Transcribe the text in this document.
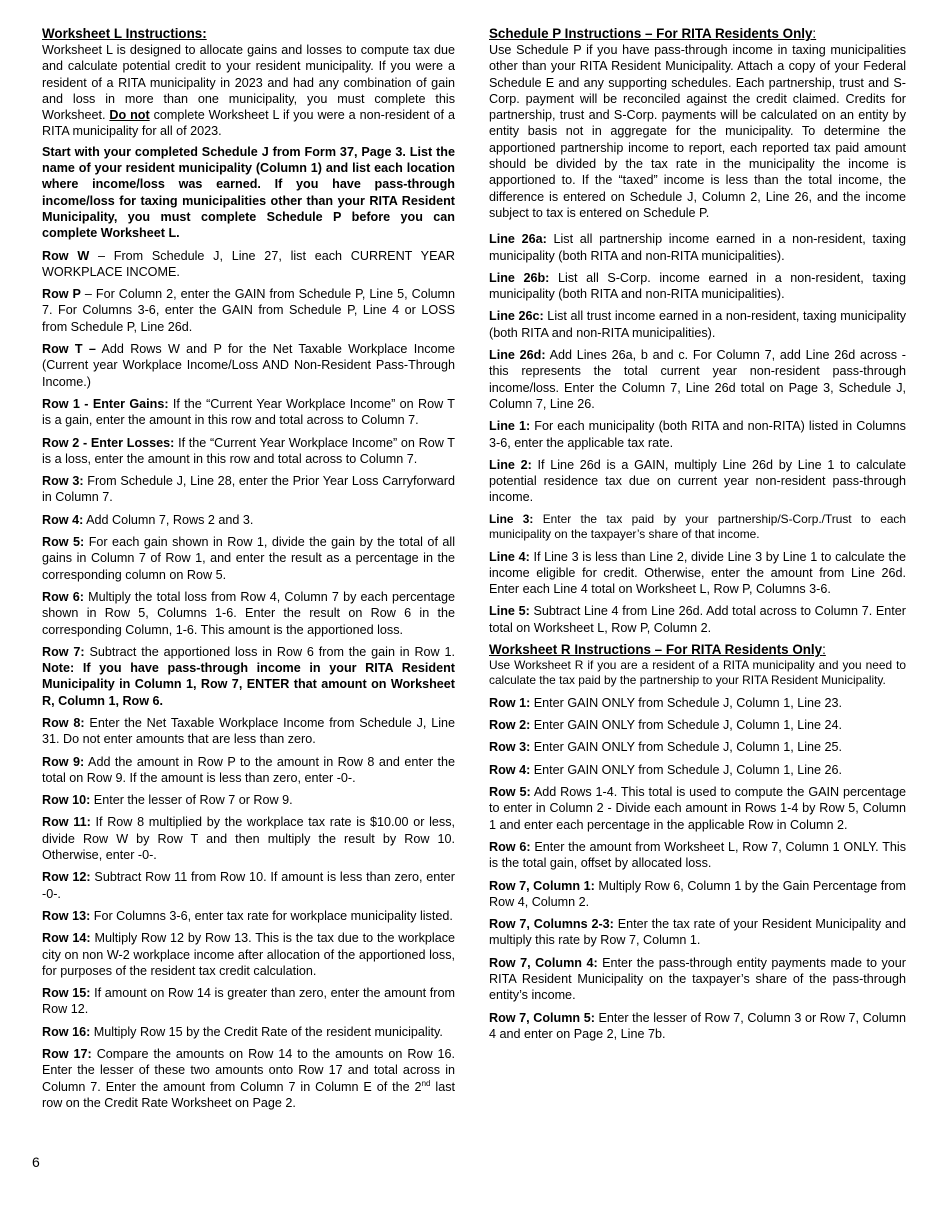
Worksheet L Instructions:

Worksheet L is designed to allocate gains and losses to compute tax due and calculate potential credit to your resident municipality. If you were a resident of a RITA municipality in 2023 and had any combination of gain and loss in more than one municipality, you must complete this Worksheet. Do not complete Worksheet L if you were a non-resident of a RITA municipality for all of 2023.

Start with your completed Schedule J from Form 37, Page 3. List the name of your resident municipality (Column 1) and list each location where income/loss was earned. If you have pass-through income/loss for taxing municipalities other than your RITA Resident Municipality, you must complete Schedule P before you can complete Worksheet L.

Row W – From Schedule J, Line 27, list each CURRENT YEAR WORKPLACE INCOME.

Row P – For Column 2, enter the GAIN from Schedule P, Line 5, Column 7. For Columns 3-6, enter the GAIN from Schedule P, Line 4 or LOSS from Schedule P, Line 26d.

Row T – Add Rows W and P for the Net Taxable Workplace Income (Current year Workplace Income/Loss AND Non-Resident Pass-Through Income.)

Row 1 - Enter Gains: If the “Current Year Workplace Income” on Row T is a gain, enter the amount in this row and total across to Column 7.

Row 2 - Enter Losses: If the “Current Year Workplace Income” on Row T is a loss, enter the amount in this row and total across to Column 7.

Row 3: From Schedule J, Line 28, enter the Prior Year Loss Carryforward in Column 7.

Row 4: Add Column 7, Rows 2 and 3.

Row 5: For each gain shown in Row 1, divide the gain by the total of all gains in Column 7 of Row 1, and enter the result as a percentage in the corresponding column on Row 5.

Row 6: Multiply the total loss from Row 4, Column 7 by each percentage shown in Row 5, Columns 1-6. Enter the result on Row 6 in the corresponding Column, 1-6. This amount is the apportioned loss.

Row 7: Subtract the apportioned loss in Row 6 from the gain in Row 1. Note: If you have pass-through income in your RITA Resident Municipality in Column 1, Row 7, ENTER that amount on Worksheet R, Column 1, Row 6.

Row 8: Enter the Net Taxable Workplace Income from Schedule J, Line 31. Do not enter amounts that are less than zero.

Row 9: Add the amount in Row P to the amount in Row 8 and enter the total on Row 9. If the amount is less than zero, enter -0-.

Row 10: Enter the lesser of Row 7 or Row 9.

Row 11: If Row 8 multiplied by the workplace tax rate is $10.00 or less, divide Row W by Row T and then multiply the result by Row 10. Otherwise, enter -0-.

Row 12: Subtract Row 11 from Row 10. If amount is less than zero, enter -0-.

Row 13: For Columns 3-6, enter tax rate for workplace municipality listed.

Row 14: Multiply Row 12 by Row 13. This is the tax due to the workplace city on non W-2 workplace income after allocation of the apportioned loss, for purposes of the resident tax credit calculation.

Row 15: If amount on Row 14 is greater than zero, enter the amount from Row 12.

Row 16: Multiply Row 15 by the Credit Rate of the resident municipality.

Row 17: Compare the amounts on Row 14 to the amounts on Row 16. Enter the lesser of these two amounts onto Row 17 and total across in Column 7. Enter the amount from Column 7 in Column E of the 2nd last row on the Credit Rate Worksheet on Page 2.

Schedule P Instructions – For RITA Residents Only:

Use Schedule P if you have pass-through income in taxing municipalities other than your RITA Resident Municipality. Attach a copy of your Federal Schedule E and any supporting schedules. Each partnership, trust and S-Corp. payment will be reconciled against the credit claimed. Credits for partnership, trust and S-Corp. payments will be calculated on an entity by entity basis not in aggregate for the municipality. To determine the apportioned partnership income to report, each reported tax paid amount should be divided by the tax rate in the municipality the income is apportioned to. If the “taxed” income is less than the total income, the difference is entered on Schedule J, Column 2, Line 26, and the income subject to tax is entered on Schedule P.

Line 26a: List all partnership income earned in a non-resident, taxing municipality (both RITA and non-RITA municipalities).

Line 26b: List all S-Corp. income earned in a non-resident, taxing municipality (both RITA and non-RITA municipalities).

Line 26c: List all trust income earned in a non-resident, taxing municipality (both RITA and non-RITA municipalities).

Line 26d: Add Lines 26a, b and c. For Column 7, add Line 26d across - this represents the total current year non-resident pass-through income/loss. Enter the Column 7, Line 26d total on Page 3, Schedule J, Column 7, Line 26.

Line 1: For each municipality (both RITA and non-RITA) listed in Columns 3-6, enter the applicable tax rate.

Line 2: If Line 26d is a GAIN, multiply Line 26d by Line 1 to calculate potential residence tax due on current year non-resident pass-through income.

Line 3: Enter the tax paid by your partnership/S-Corp./Trust to each municipality on the taxpayer’s share of that income.

Line 4: If Line 3 is less than Line 2, divide Line 3 by Line 1 to calculate the income eligible for credit. Otherwise, enter the amount from Line 26d. Enter each Line 4 total on Worksheet L, Row P, Columns 3-6.

Line 5: Subtract Line 4 from Line 26d. Add total across to Column 7. Enter total on Worksheet L, Row P, Column 2.

Worksheet R Instructions – For RITA Residents Only:

Use Worksheet R if you are a resident of a RITA municipality and you need to calculate the tax paid by the partnership to your RITA Resident Municipality.

Row 1: Enter GAIN ONLY from Schedule J, Column 1, Line 23.

Row 2: Enter GAIN ONLY from Schedule J, Column 1, Line 24.

Row 3: Enter GAIN ONLY from Schedule J, Column 1, Line 25.

Row 4: Enter GAIN ONLY from Schedule J, Column 1, Line 26.

Row 5: Add Rows 1-4. This total is used to compute the GAIN percentage to enter in Column 2 - Divide each amount in Rows 1-4 by Row 5, Column 1 and enter each percentage in the applicable Row in Column 2.

Row 6: Enter the amount from Worksheet L, Row 7, Column 1 ONLY. This is the total gain, offset by allocated loss.

Row 7, Column 1: Multiply Row 6, Column 1 by the Gain Percentage from Row 4, Column 2.

Row 7, Columns 2-3: Enter the tax rate of your Resident Municipality and multiply this rate by Row 7, Column 1.

Row 7, Column 4: Enter the pass-through entity payments made to your RITA Resident Municipality on the taxpayer’s share of the pass-through entity’s income.

Row 7, Column 5: Enter the lesser of Row 7, Column 3 or Row 7, Column 4 and enter on Page 2, Line 7b.

6
